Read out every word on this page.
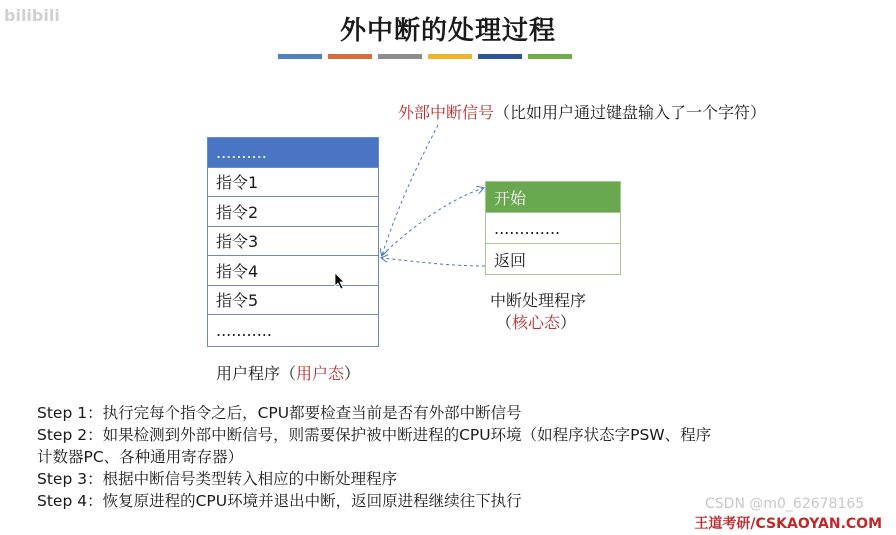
bilibili
外中断的处理过程
外部中断信号（比如用户通过键盘输入了一个字符）
..........
指令1
指令2
指令3
指令4
指令5
...........
用户程序（用户态）
开始
.............
返回
中断处理程序
（核心态）
Step 1：执行完每个指令之后，CPU都要检查当前是否有外部中断信号
Step 2：如果检测到外部中断信号，则需要保护被中断进程的CPU环境（如程序状态字PSW、程序
计数器PC、各种通用寄存器）
Step 3：根据中断信号类型转入相应的中断处理程序
Step 4：恢复原进程的CPU环境并退出中断，返回原进程继续往下执行	CSDN @m0_62678165
王道考研/CSKAOYAN.COM
